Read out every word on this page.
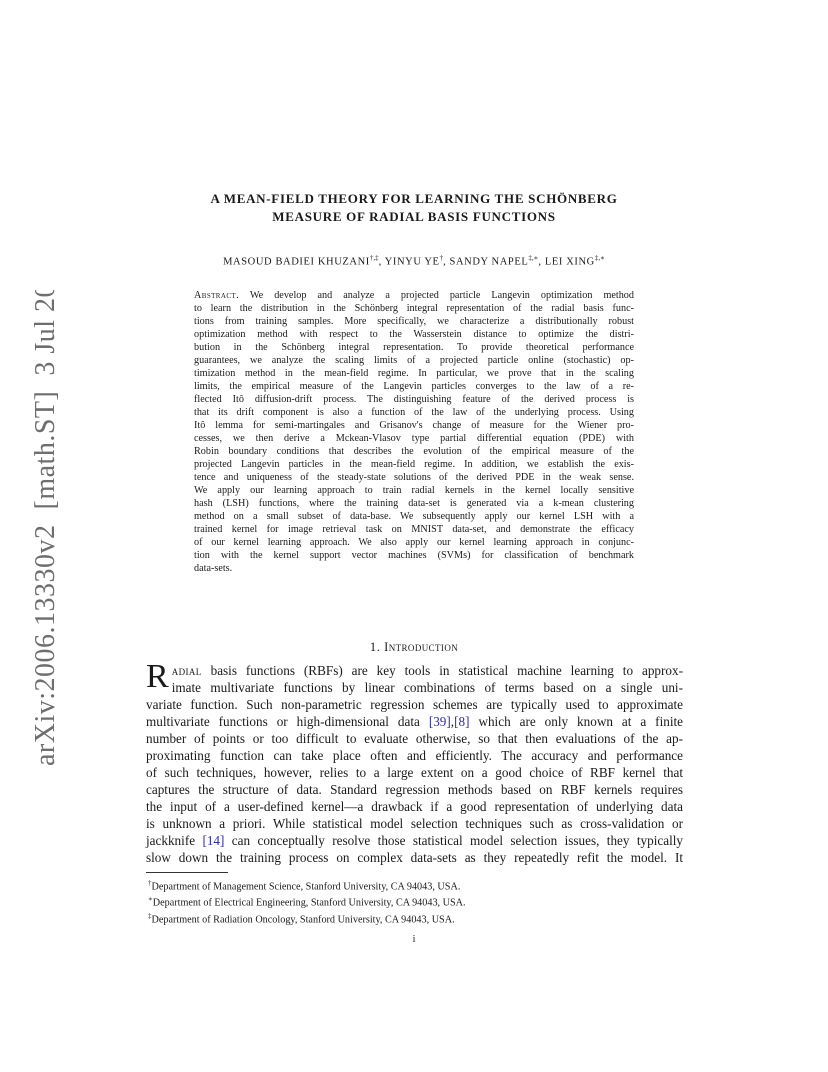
arXiv:2006.13330v2  [math.ST]  3 Jul 2020
A MEAN-FIELD THEORY FOR LEARNING THE SCHÖNBERG
MEASURE OF RADIAL BASIS FUNCTIONS
MASOUD BADIEI KHUZANI†,‡, YINYU YE†, SANDY NAPEL‡,∗, LEI XING‡,∗
Abstract. We develop and analyze a projected particle Langevin optimization method
to learn the distribution in the Schönberg integral representation of the radial basis func-
tions from training samples. More specifically, we characterize a distributionally robust
optimization method with respect to the Wasserstein distance to optimize the distri-
bution in the Schönberg integral representation. To provide theoretical performance
guarantees, we analyze the scaling limits of a projected particle online (stochastic) op-
timization method in the mean-field regime. In particular, we prove that in the scaling
limits, the empirical measure of the Langevin particles converges to the law of a re-
flected Itô diffusion-drift process. The distinguishing feature of the derived process is
that its drift component is also a function of the law of the underlying process. Using
Itô lemma for semi-martingales and Grisanov's change of measure for the Wiener pro-
cesses, we then derive a Mckean-Vlasov type partial differential equation (PDE) with
Robin boundary conditions that describes the evolution of the empirical measure of the
projected Langevin particles in the mean-field regime. In addition, we establish the exis-
tence and uniqueness of the steady-state solutions of the derived PDE in the weak sense.
We apply our learning approach to train radial kernels in the kernel locally sensitive
hash (LSH) functions, where the training data-set is generated via a k-mean clustering
method on a small subset of data-base. We subsequently apply our kernel LSH with a
trained kernel for image retrieval task on MNIST data-set, and demonstrate the efficacy
of our kernel learning approach. We also apply our kernel learning approach in conjunc-
tion with the kernel support vector machines (SVMs) for classification of benchmark
data-sets.
1. Introduction
R adial basis functions (RBFs) are key tools in statistical machine learning to approx-
imate multivariate functions by linear combinations of terms based on a single uni-
variate function. Such non-parametric regression schemes are typically used to approximate
multivariate functions or high-dimensional data [39],[8] which are only known at a finite
number of points or too difficult to evaluate otherwise, so that then evaluations of the ap-
proximating function can take place often and efficiently. The accuracy and performance
of such techniques, however, relies to a large extent on a good choice of RBF kernel that
captures the structure of data. Standard regression methods based on RBF kernels requires
the input of a user-defined kernel—a drawback if a good representation of underlying data
is unknown a priori. While statistical model selection techniques such as cross-validation or
jackknife [14] can conceptually resolve those statistical model selection issues, they typically
slow down the training process on complex data-sets as they repeatedly refit the model. It
†Department of Management Science, Stanford University, CA 94043, USA.
∗Department of Electrical Engineering, Stanford University, CA 94043, USA.
‡Department of Radiation Oncology, Stanford University, CA 94043, USA.
i
